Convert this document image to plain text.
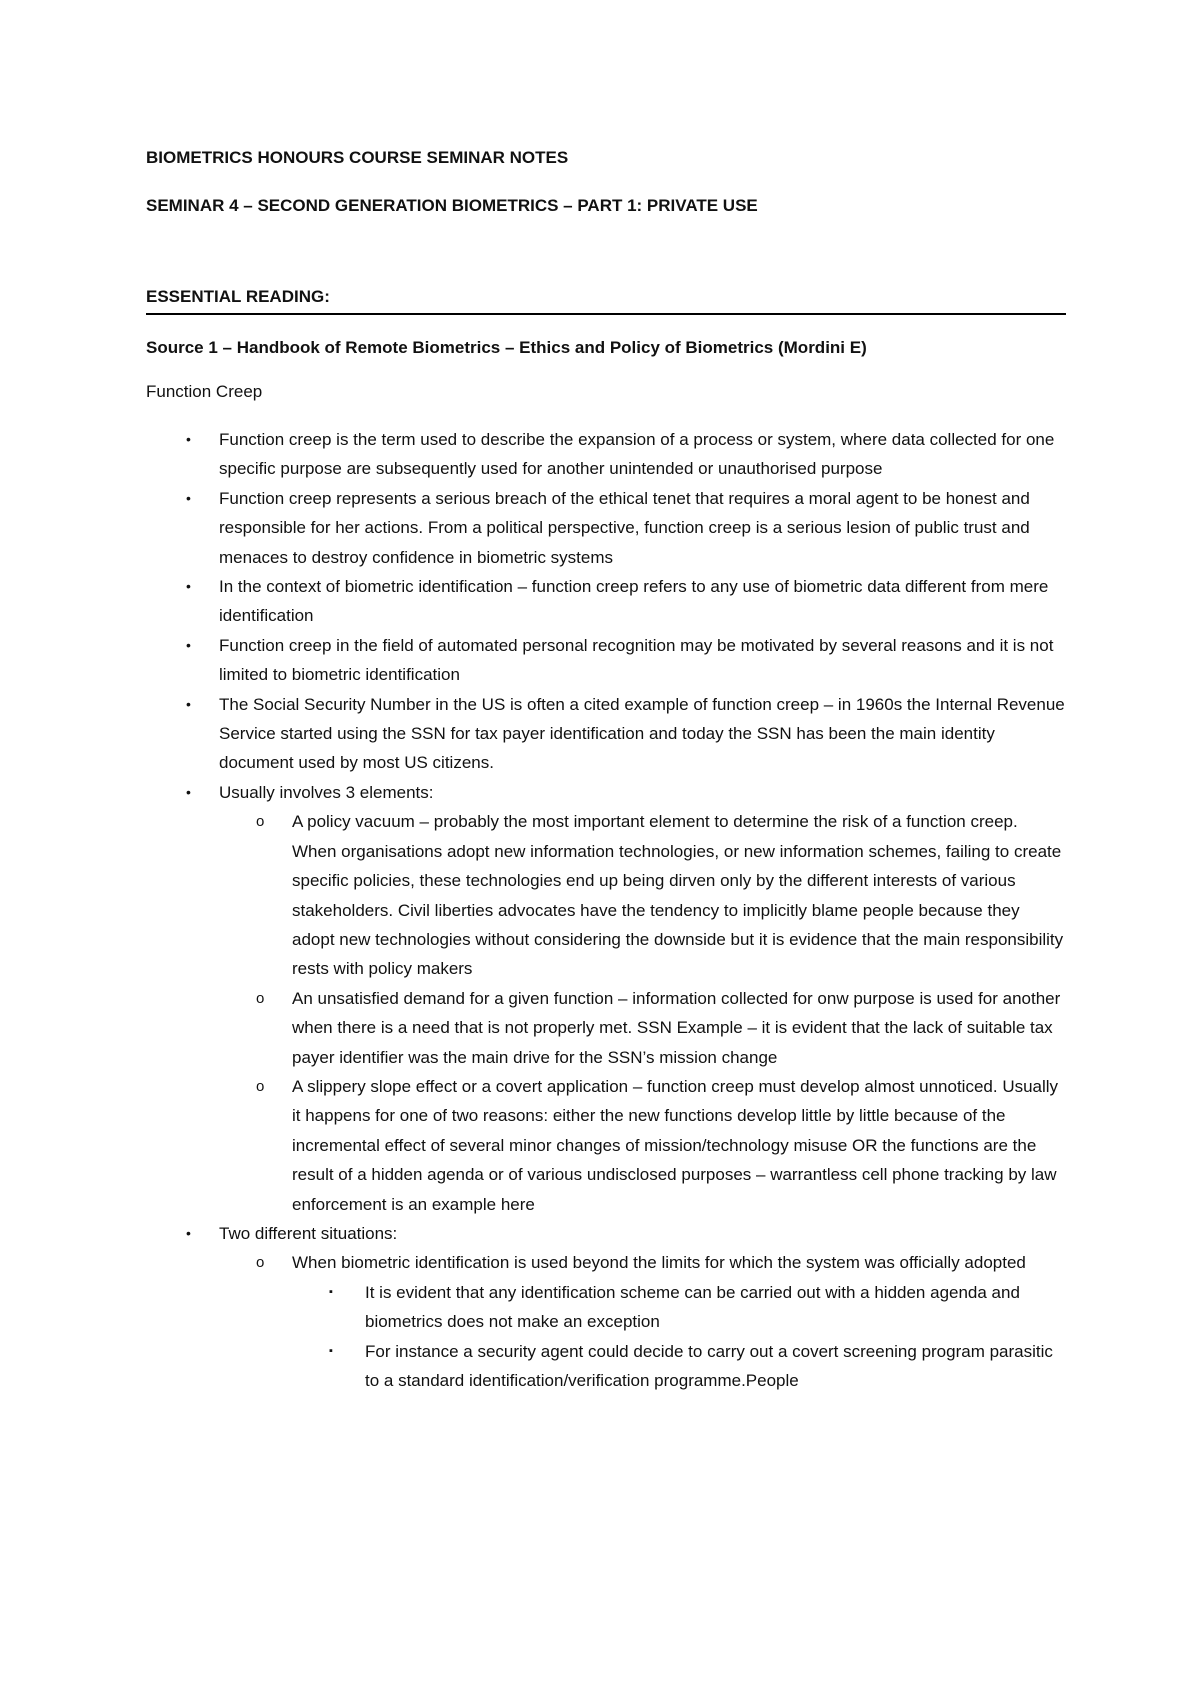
BIOMETRICS HONOURS COURSE SEMINAR NOTES
SEMINAR 4 – SECOND GENERATION BIOMETRICS – PART 1: PRIVATE USE
ESSENTIAL READING:
Source 1 – Handbook of Remote Biometrics – Ethics and Policy of Biometrics (Mordini E)
Function Creep
• Function creep is the term used to describe the expansion of a process or system, where data collected for one specific purpose are subsequently used for another unintended or unauthorised purpose
• Function creep represents a serious breach of the ethical tenet that requires a moral agent to be honest and responsible for her actions. From a political perspective, function creep is a serious lesion of public trust and menaces to destroy confidence in biometric systems
• In the context of biometric identification – function creep refers to any use of biometric data different from mere identification
• Function creep in the field of automated personal recognition may be motivated by several reasons and it is not limited to biometric identification
• The Social Security Number in the US is often a cited example of function creep – in 1960s the Internal Revenue Service started using the SSN for tax payer identification and today the SSN has been the main identity document used by most US citizens.
• Usually involves 3 elements:
o A policy vacuum – probably the most important element to determine the risk of a function creep. When organisations adopt new information technologies, or new information schemes, failing to create specific policies, these technologies end up being dirven only by the different interests of various stakeholders. Civil liberties advocates have the tendency to implicitly blame people because they adopt new technologies without considering the downside but it is evidence that the main responsibility rests with policy makers
o An unsatisfied demand for a given function – information collected for onw purpose is used for another when there is a need that is not properly met. SSN Example – it is evident that the lack of suitable tax payer identifier was the main drive for the SSN’s mission change
o A slippery slope effect or a covert application – function creep must develop almost unnoticed. Usually it happens for one of two reasons: either the new functions develop little by little because of the incremental effect of several minor changes of mission/technology misuse OR the functions are the result of a hidden agenda or of various undisclosed purposes – warrantless cell phone tracking by law enforcement is an example here
• Two different situations:
o When biometric identification is used beyond the limits for which the system was officially adopted
▪ It is evident that any identification scheme can be carried out with a hidden agenda and biometrics does not make an exception
▪ For instance a security agent could decide to carry out a covert screening program parasitic to a standard identification/verification programme.People
